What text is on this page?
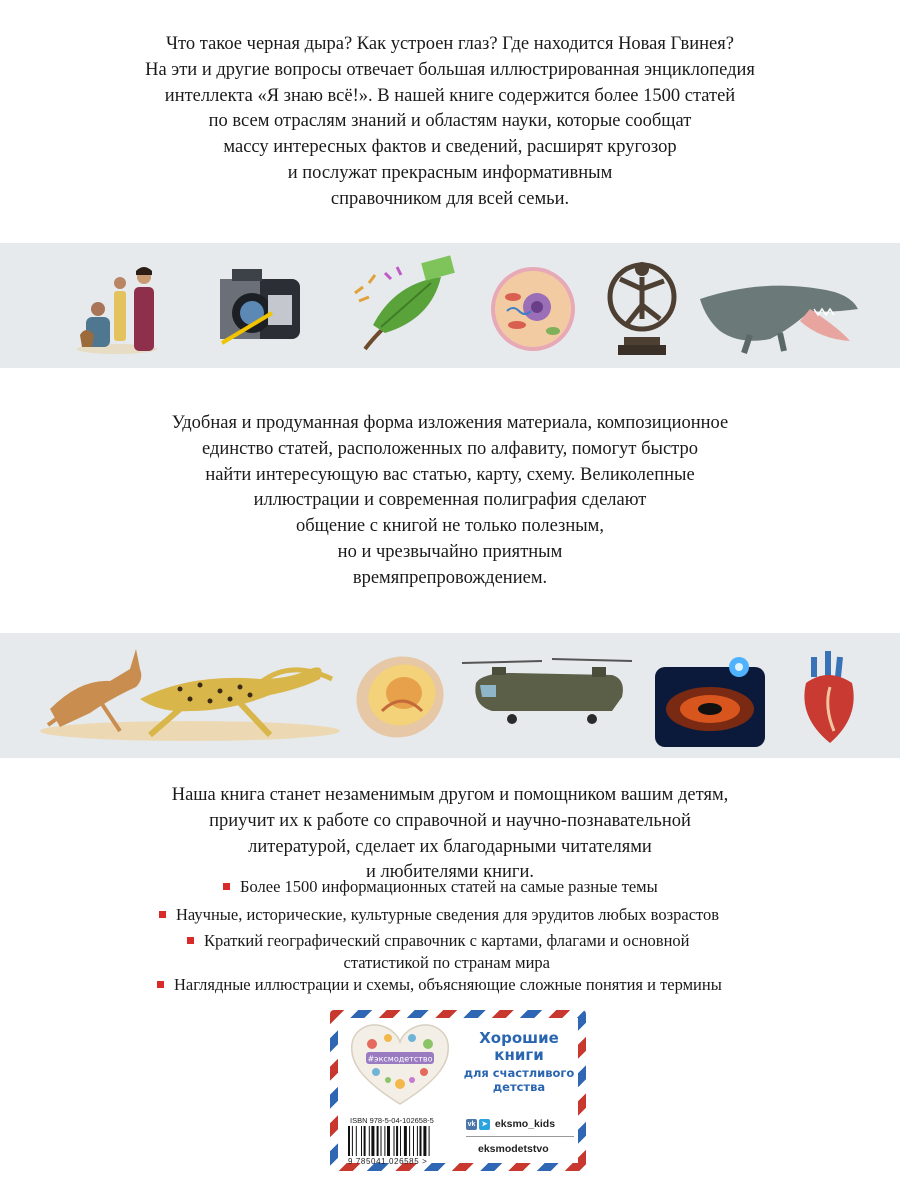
Что такое черная дыра? Как устроен глаз? Где находится Новая Гвинея?
На эти и другие вопросы отвечает большая иллюстрированная энциклопедия
интеллекта «Я знаю всё!». В нашей книге содержится более 1500 статей
по всем отраслям знаний и областям науки, которые сообщат
массу интересных фактов и сведений, расширят кругозор
и послужат прекрасным информативным
справочником для всей семьи.
Удобная и продуманная форма изложения материала, композиционное
единство статей, расположенных по алфавиту, помогут быстро
найти интересующую вас статью, карту, схему. Великолепные
иллюстрации и современная полиграфия сделают
общение с книгой не только полезным,
но и чрезвычайно приятным
времяпрепровождением.
Наша книга станет незаменимым другом и помощником вашим детям,
приучит их к работе со справочной и научно-познавательной
литературой, сделает их благодарными читателями
и любителями книги.
Более 1500 информационных статей на самые разные темы
Научные, исторические, культурные сведения для эрудитов любых возрастов
Краткий географический справочник с картами, флагами и основной
статистикой по странам мира
Наглядные иллюстрации и схемы, объясняющие сложные понятия и термины
#эксмодетство
Хорошие
книги
для счастливого
детства
ISBN 978-5-04-102658-5
9 785041 026585 >
vk ➤ eksmo_kids
eksmodetstvo
